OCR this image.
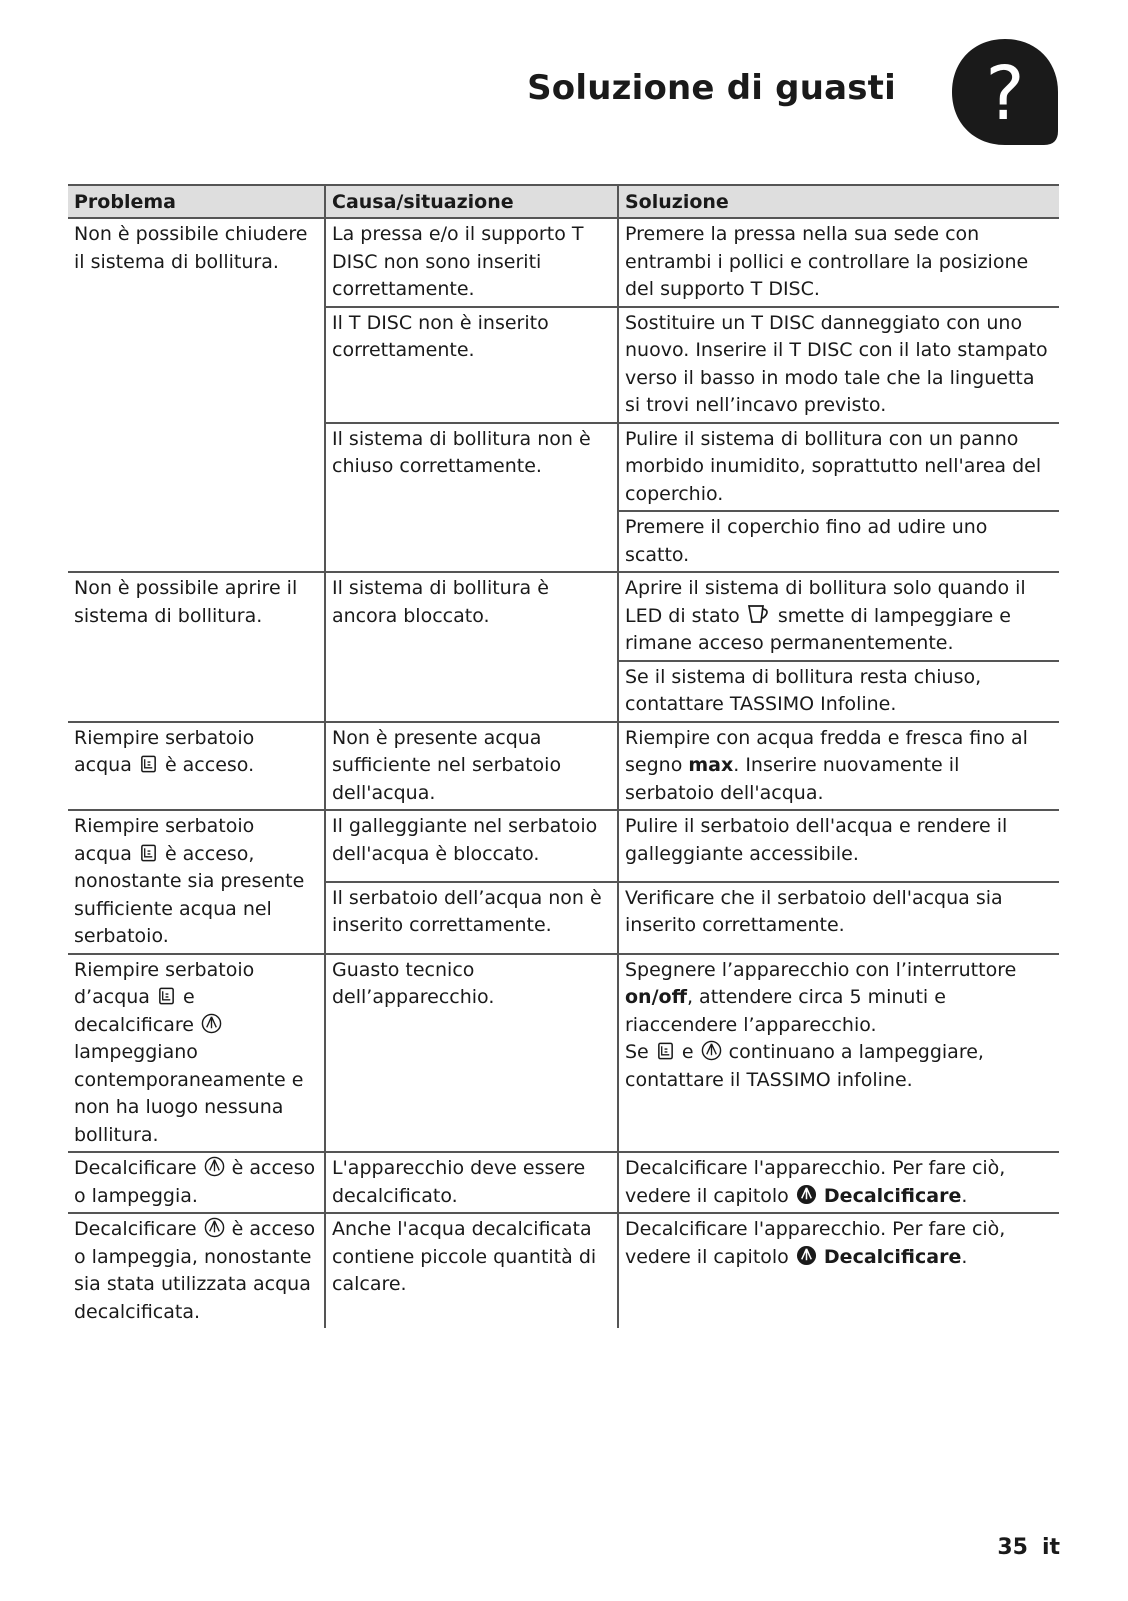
Soluzione di guasti ?
Problema	Causa/situazione	Soluzione
Non è possibile chiudere il sistema di bollitura.	La pressa e/o il supporto T DISC non sono inseriti correttamente.	Premere la pressa nella sua sede con entrambi i pollici e controllare la posizione del supporto T DISC.
	Il T DISC non è inserito correttamente.	Sostituire un T DISC danneggiato con uno nuovo. Inserire il T DISC con il lato stampato verso il basso in modo tale che la linguetta si trovi nell’incavo previsto.
	Il sistema di bollitura non è chiuso correttamente.	Pulire il sistema di bollitura con un panno morbido inumidito, soprattutto nell'area del coperchio.
		Premere il coperchio fino ad udire uno scatto.
Non è possibile aprire il sistema di bollitura.	Il sistema di bollitura è ancora bloccato.	Aprire il sistema di bollitura solo quando il LED di stato smette di lampeggiare e rimane acceso permanentemente.
		Se il sistema di bollitura resta chiuso, contattare TASSIMO Infoline.
Riempire serbatoio acqua è acceso.	Non è presente acqua sufficiente nel serbatoio dell'acqua.	Riempire con acqua fredda e fresca fino al segno max. Inserire nuovamente il serbatoio dell'acqua.
Riempire serbatoio acqua è acceso, nonostante sia presente sufficiente acqua nel serbatoio.	Il galleggiante nel serbatoio dell'acqua è bloccato.	Pulire il serbatoio dell'acqua e rendere il galleggiante accessibile.
	Il serbatoio dell’acqua non è inserito correttamente.	Verificare che il serbatoio dell'acqua sia inserito correttamente.
Riempire serbatoio d’acqua e decalcificare  lampeggiano contemporaneamente e non ha luogo nessuna bollitura.	Guasto tecnico dell’apparecchio.	Spegnere l’apparecchio con l’interruttore on/off, attendere circa 5 minuti e riaccendere l’apparecchio.
Se e continuano a lampeggiare, contattare il TASSIMO infoline.
Decalcificare è acceso o lampeggia.	L'apparecchio deve essere decalcificato.	Decalcificare l'apparecchio. Per fare ciò, vedere il capitolo Decalcificare.
Decalcificare è acceso o lampeggia, nonostante sia stata utilizzata acqua decalcificata.	Anche l'acqua decalcificata contiene piccole quantità di calcare.	Decalcificare l'apparecchio. Per fare ciò, vedere il capitolo Decalcificare.
35 it
